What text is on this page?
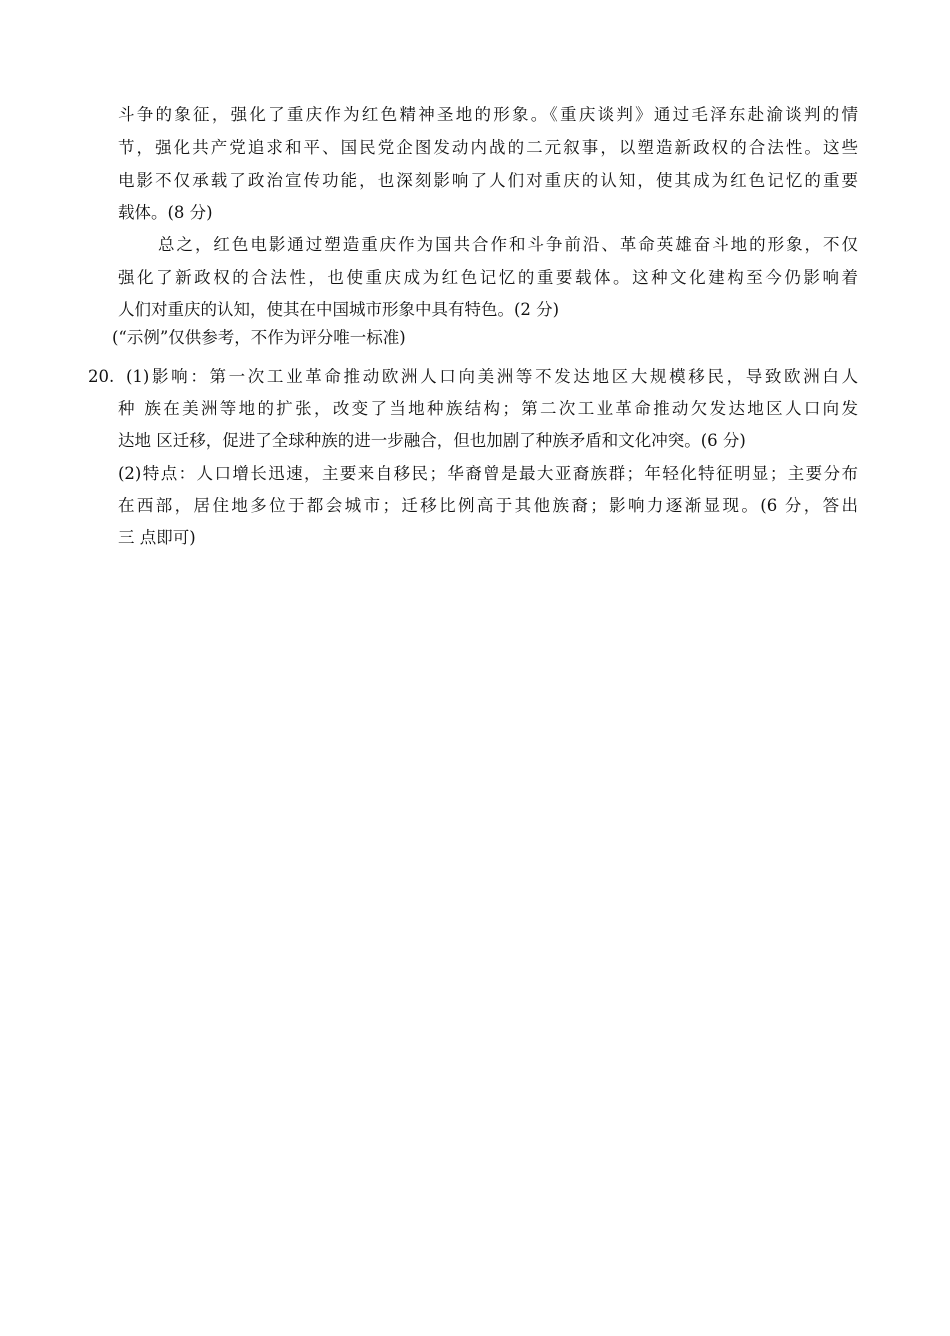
斗争的象征，强化了重庆作为红色精神圣地的形象。《重庆谈判》通过毛泽东赴渝谈判的情
节，强化共产党追求和平、国民党企图发动内战的二元叙事，以塑造新政权的合法性。这些
电影不仅承载了政治宣传功能，也深刻影响了人们对重庆的认知，使其成为红色记忆的重要
载体。(8 分)
总之，红色电影通过塑造重庆作为国共合作和斗争前沿、革命英雄奋斗地的形象，不仅
强化了新政权的合法性，也使重庆成为红色记忆的重要载体。这种文化建构至今仍影响着
人们对重庆的认知，使其在中国城市形象中具有特色。(2 分)
(“示例”仅供参考，不作为评分唯一标准)
20. (1)影响：第一次工业革命推动欧洲人口向美洲等不发达地区大规模移民，导致欧洲白人
种 族在美洲等地的扩张，改变了当地种族结构；第二次工业革命推动欠发达地区人口向发
达地 区迁移，促进了全球种族的进一步融合，但也加剧了种族矛盾和文化冲突。(6 分)
(2)特点：人口增长迅速，主要来自移民；华裔曾是最大亚裔族群；年轻化特征明显；主要分布
在西部，居住地多位于都会城市；迁移比例高于其他族裔；影响力逐渐显现。(6 分，答出
三 点即可)
